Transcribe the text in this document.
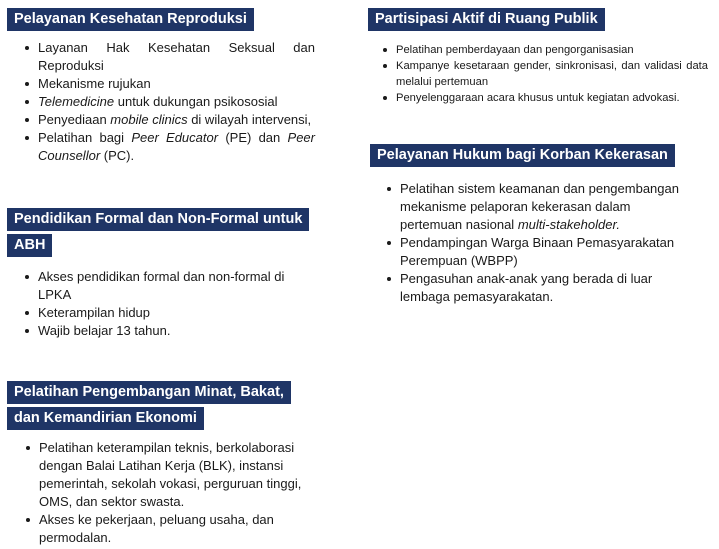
Pelayanan Kesehatan Reproduksi
Layanan Hak Kesehatan Seksual dan Reproduksi
Mekanisme rujukan
Telemedicine untuk dukungan psikososial
Penyediaan mobile clinics di wilayah intervensi,
Pelatihan bagi Peer Educator (PE) dan Peer Counsellor (PC).
Pendidikan Formal dan Non-Formal untuk
ABH
Akses pendidikan formal dan non-formal di LPKA
Keterampilan hidup
Wajib belajar 13 tahun.
Pelatihan Pengembangan Minat, Bakat,
dan Kemandirian Ekonomi
Pelatihan keterampilan teknis, berkolaborasi dengan Balai Latihan Kerja (BLK), instansi pemerintah, sekolah vokasi, perguruan tinggi, OMS, dan sektor swasta.
Akses ke pekerjaan, peluang usaha, dan permodalan.
Partisipasi Aktif di Ruang Publik
Pelatihan pemberdayaan dan pengorganisasian
Kampanye kesetaraan gender, sinkronisasi, dan validasi data melalui pertemuan
Penyelenggaraan acara khusus untuk kegiatan advokasi.
Pelayanan Hukum bagi Korban Kekerasan
Pelatihan sistem keamanan dan pengembangan mekanisme pelaporan kekerasan dalam pertemuan nasional multi-stakeholder.
Pendampingan Warga Binaan Pemasyarakatan Perempuan (WBPP)
Pengasuhan anak-anak yang berada di luar lembaga pemasyarakatan.
